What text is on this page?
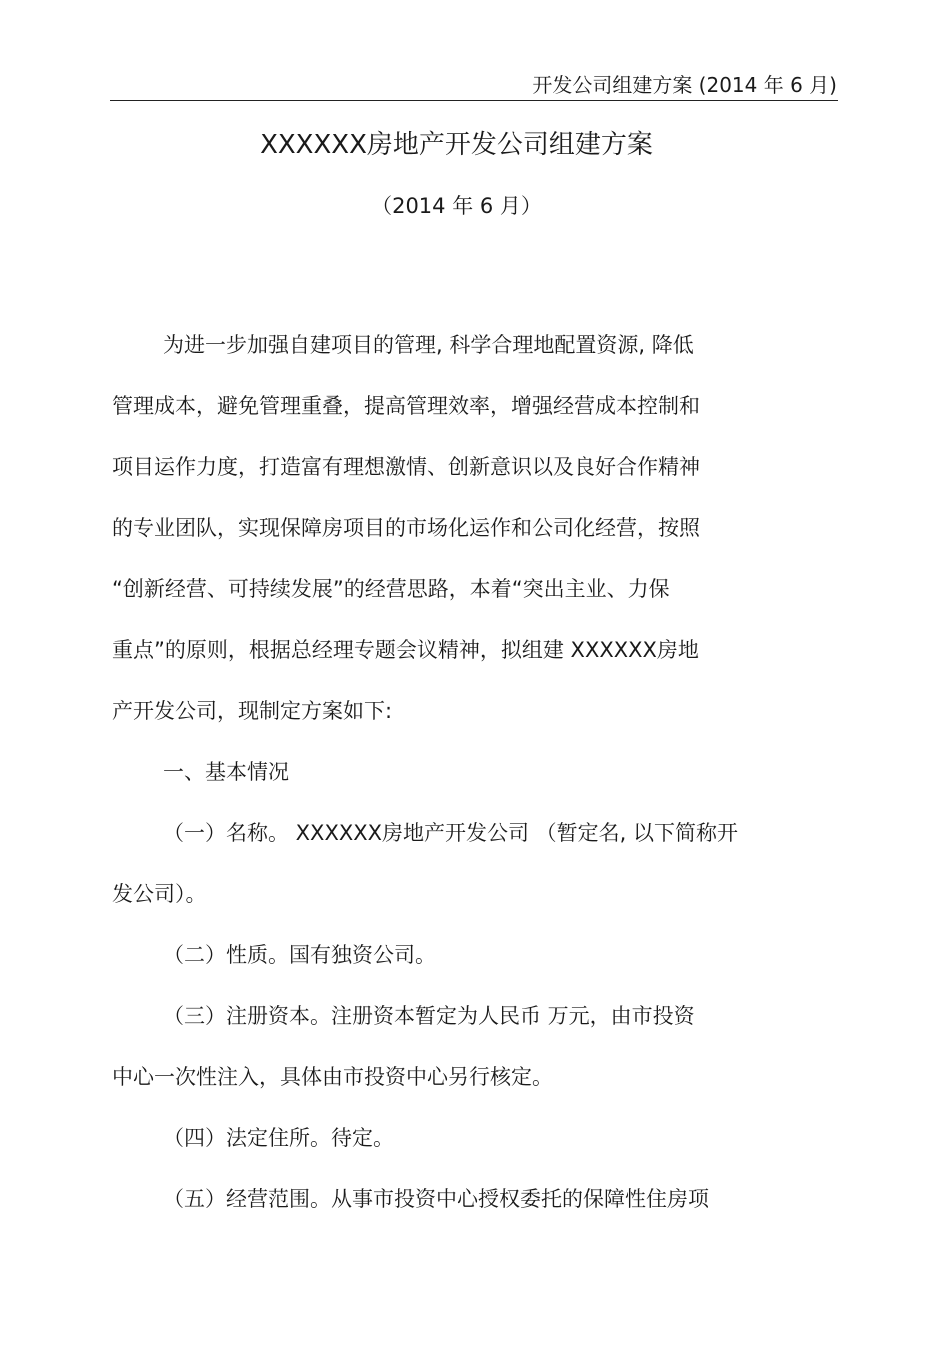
开发公司组建方案 (2014 年 6 月)
XXXXXX房地产开发公司组建方案
（2014 年 6 月）
为进一步加强自建项目的管理, 科学合理地配置资源, 降低
管理成本，避免管理重叠，提高管理效率，增强经营成本控制和
项目运作力度，打造富有理想激情、创新意识以及良好合作精神
的专业团队，实现保障房项目的市场化运作和公司化经营，按照
“创新经营、可持续发展”的经营思路，本着“突出主业、力保
重点”的原则，根据总经理专题会议精神，拟组建 XXXXXX房地
产开发公司，现制定方案如下:
一、基本情况
（一）名称。 XXXXXX房地产开发公司 （暂定名, 以下简称开
发公司）。
（二）性质。国有独资公司。
（三）注册资本。注册资本暂定为人民币 万元，由市投资
中心一次性注入，具体由市投资中心另行核定。
（四）法定住所。待定。
（五）经营范围。从事市投资中心授权委托的保障性住房项
